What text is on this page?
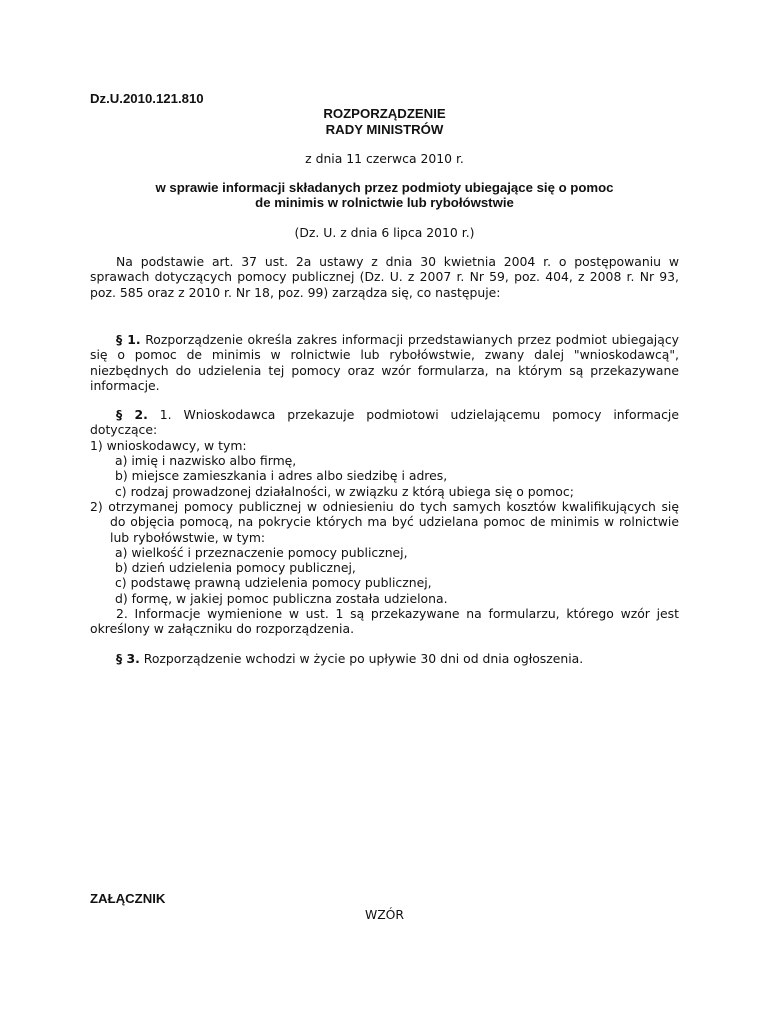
Dz.U.2010.121.810
ROZPORZĄDZENIE
RADY MINISTRÓW
z dnia 11 czerwca 2010 r.
w sprawie informacji składanych przez podmioty ubiegające się o pomoc
de minimis w rolnictwie lub rybołówstwie
(Dz. U. z dnia 6 lipca 2010 r.)
Na podstawie art. 37 ust. 2a ustawy z dnia 30 kwietnia 2004 r. o postępowaniu w sprawach dotyczących pomocy publicznej (Dz. U. z 2007 r. Nr 59, poz. 404, z 2008 r. Nr 93, poz. 585 oraz z 2010 r. Nr 18, poz. 99) zarządza się, co następuje:
§ 1. Rozporządzenie określa zakres informacji przedstawianych przez podmiot ubiegający się o pomoc de minimis w rolnictwie lub rybołówstwie, zwany dalej "wnioskodawcą", niezbędnych do udzielenia tej pomocy oraz wzór formularza, na którym są przekazywane informacje.
§ 2. 1. Wnioskodawca przekazuje podmiotowi udzielającemu pomocy informacje dotyczące:
1) wnioskodawcy, w tym:
a) imię i nazwisko albo firmę,
b) miejsce zamieszkania i adres albo siedzibę i adres,
c) rodzaj prowadzonej działalności, w związku z którą ubiega się o pomoc;
2) otrzymanej pomocy publicznej w odniesieniu do tych samych kosztów kwalifikujących się do objęcia pomocą, na pokrycie których ma być udzielana pomoc de minimis w rolnictwie lub rybołówstwie, w tym:
a) wielkość i przeznaczenie pomocy publicznej,
b) dzień udzielenia pomocy publicznej,
c) podstawę prawną udzielenia pomocy publicznej,
d) formę, w jakiej pomoc publiczna została udzielona.
2. Informacje wymienione w ust. 1 są przekazywane na formularzu, którego wzór jest określony w załączniku do rozporządzenia.
§ 3. Rozporządzenie wchodzi w życie po upływie 30 dni od dnia ogłoszenia.
ZAŁĄCZNIK
WZÓR
